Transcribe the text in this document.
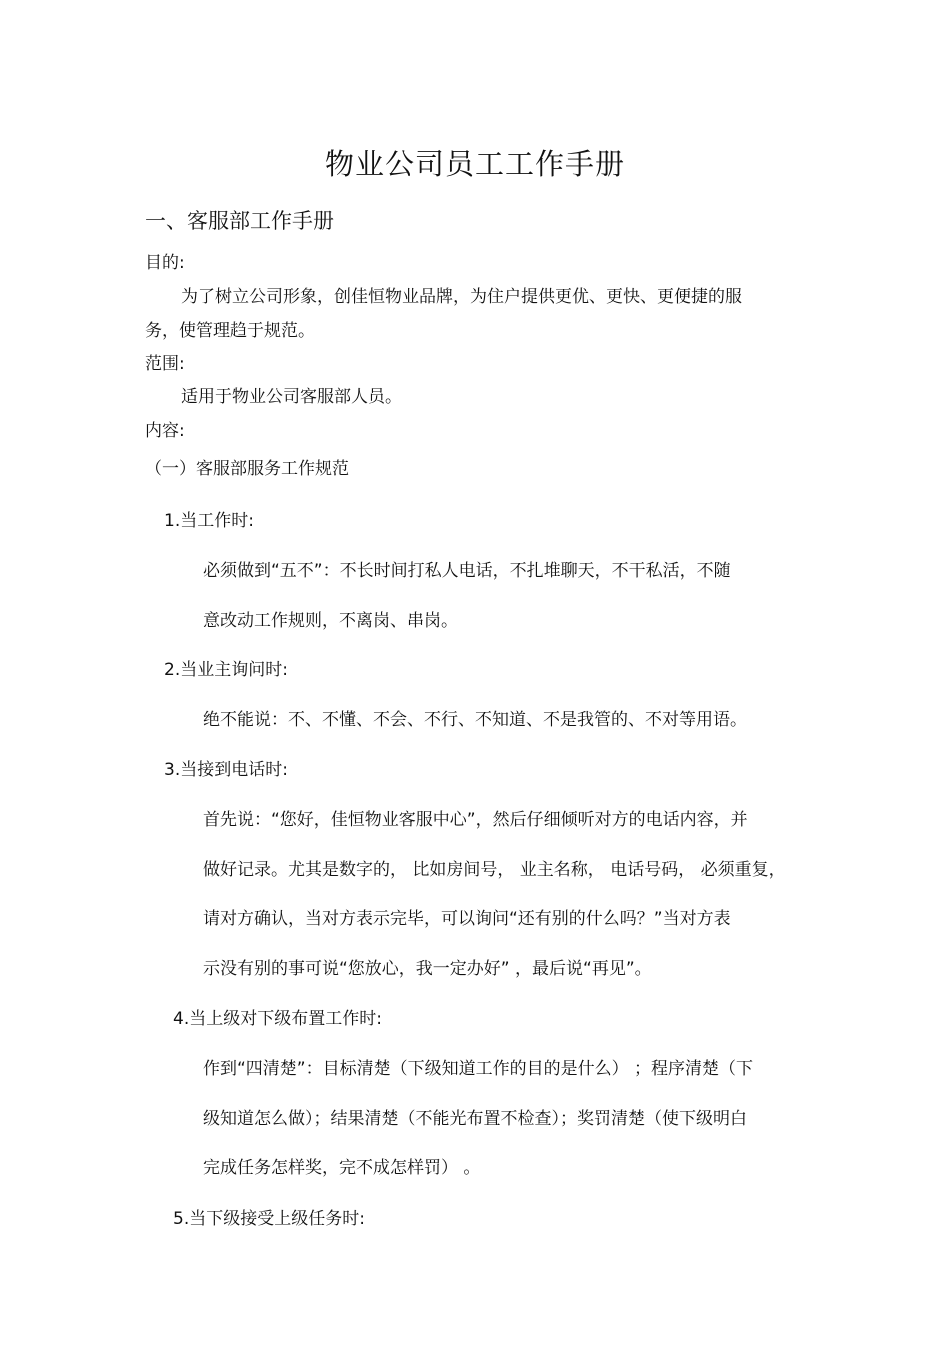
物业公司员工工作手册
一、客服部工作手册
目的:
为了树立公司形象，创佳恒物业品牌，为住户提供更优、更快、更便捷的服
务，使管理趋于规范。
范围:
适用于物业公司客服部人员。
内容:
（一）客服部服务工作规范
1.当工作时:
必须做到“五不”：不长时间打私人电话，不扎堆聊天，不干私活，不随
意改动工作规则，不离岗、串岗。
2.当业主询问时:
绝不能说：不、不懂、不会、不行、不知道、不是我管的、不对等用语。
3.当接到电话时:
首先说：“您好，佳恒物业客服中心”，然后仔细倾听对方的电话内容，并
做好记录。尤其是数字的， 比如房间号， 业主名称， 电话号码， 必须重复，
请对方确认，当对方表示完毕，可以询问“还有别的什么吗？”当对方表
示没有别的事可说“您放心，我一定办好” ，最后说“再见”。
4.当上级对下级布置工作时:
作到“四清楚”：目标清楚（下级知道工作的目的是什么） ；程序清楚（下
级知道怎么做）；结果清楚（不能光布置不检查）；奖罚清楚（使下级明白
完成任务怎样奖，完不成怎样罚） 。
5.当下级接受上级任务时:
